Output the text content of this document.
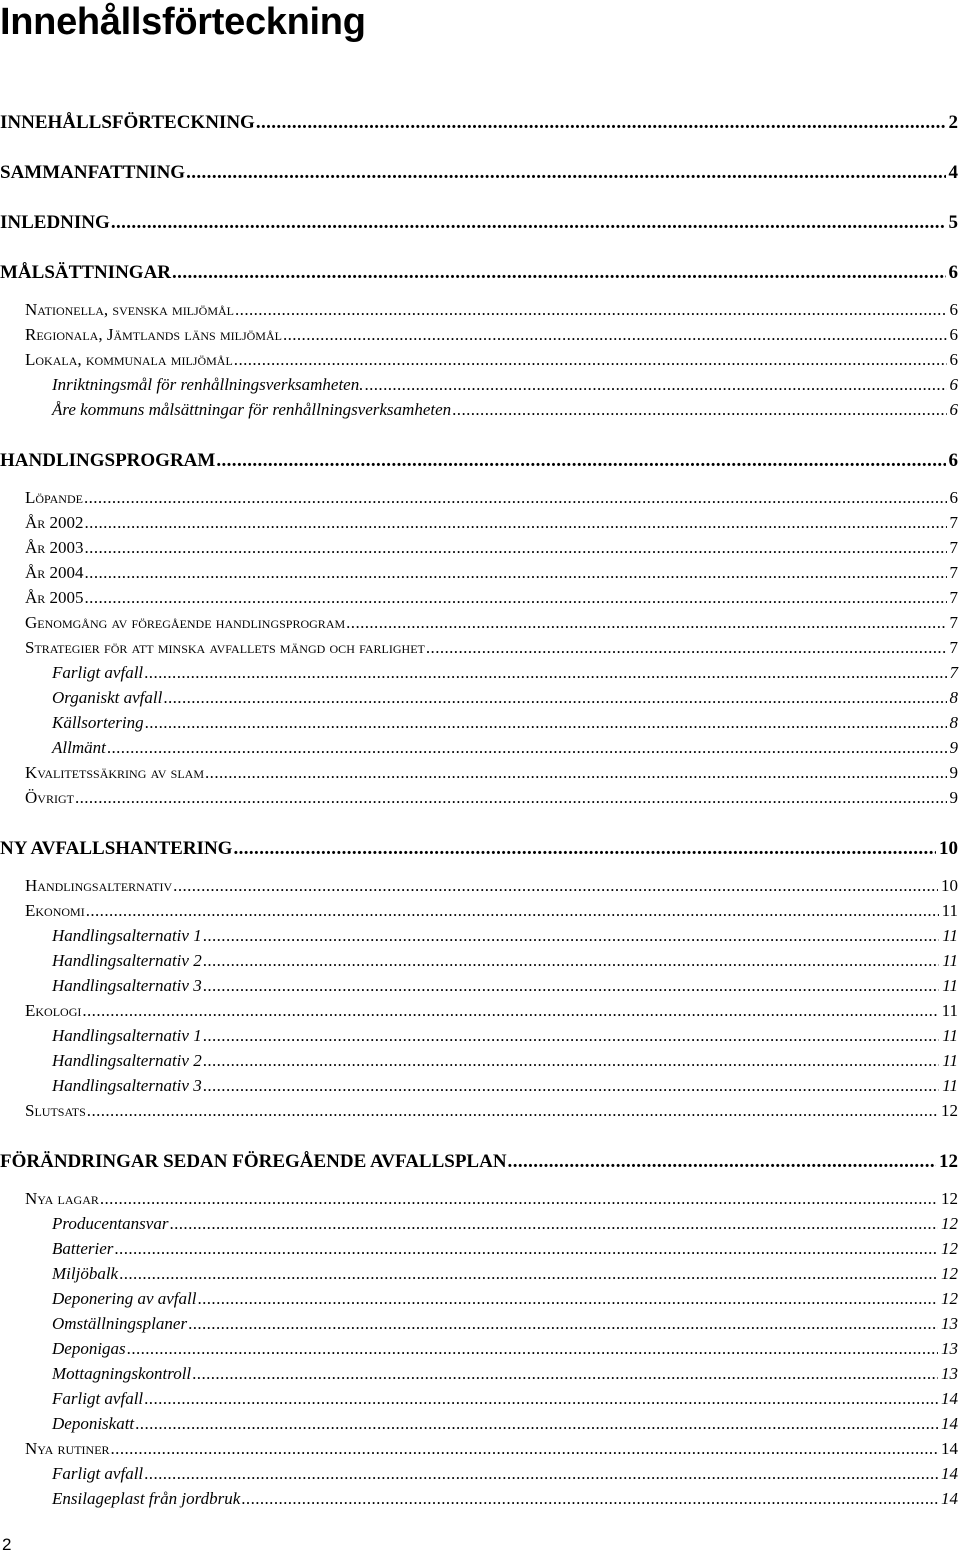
Innehållsförteckning
INNEHÅLLSFÖRTECKNING .....	2
SAMMANFATTNING .....	4
INLEDNING .....	5
MÅLSÄTTNINGAR .....	6
Nationella, svenska miljömål .....	6
Regionala, Jämtlands läns miljömål .....	6
Lokala, kommunala miljömål .....	6
Inriktningsmål för renhållningsverksamheten. .....	6
Åre kommuns målsättningar för renhållningsverksamheten .....	6
HANDLINGSPROGRAM .....	6
Löpande .....	6
År 2002 .....	7
År 2003 .....	7
År 2004 .....	7
År 2005 .....	7
Genomgång av föregående handlingsprogram .....	7
Strategier för att minska avfallets mängd och farlighet .....	7
Farligt avfall .....	7
Organiskt avfall .....	8
Källsortering .....	8
Allmänt .....	9
Kvalitetssäkring av slam .....	9
Övrigt .....	9
NY AVFALLSHANTERING .....	10
Handlingsalternativ .....	10
Ekonomi .....	11
Handlingsalternativ 1 .....	11
Handlingsalternativ 2 .....	11
Handlingsalternativ 3 .....	11
Ekologi .....	11
Handlingsalternativ 1 .....	11
Handlingsalternativ 2 .....	11
Handlingsalternativ 3 .....	11
Slutsats .....	12
FÖRÄNDRINGAR SEDAN FÖREGÅENDE AVFALLSPLAN .....	12
Nya lagar .....	12
Producentansvar .....	12
Batterier .....	12
Miljöbalk .....	12
Deponering av avfall .....	12
Omställningsplaner .....	13
Deponigas .....	13
Mottagningskontroll .....	13
Farligt avfall .....	14
Deponiskatt .....	14
Nya rutiner .....	14
Farligt avfall .....	14
Ensilageplast från jordbruk .....	14
2
